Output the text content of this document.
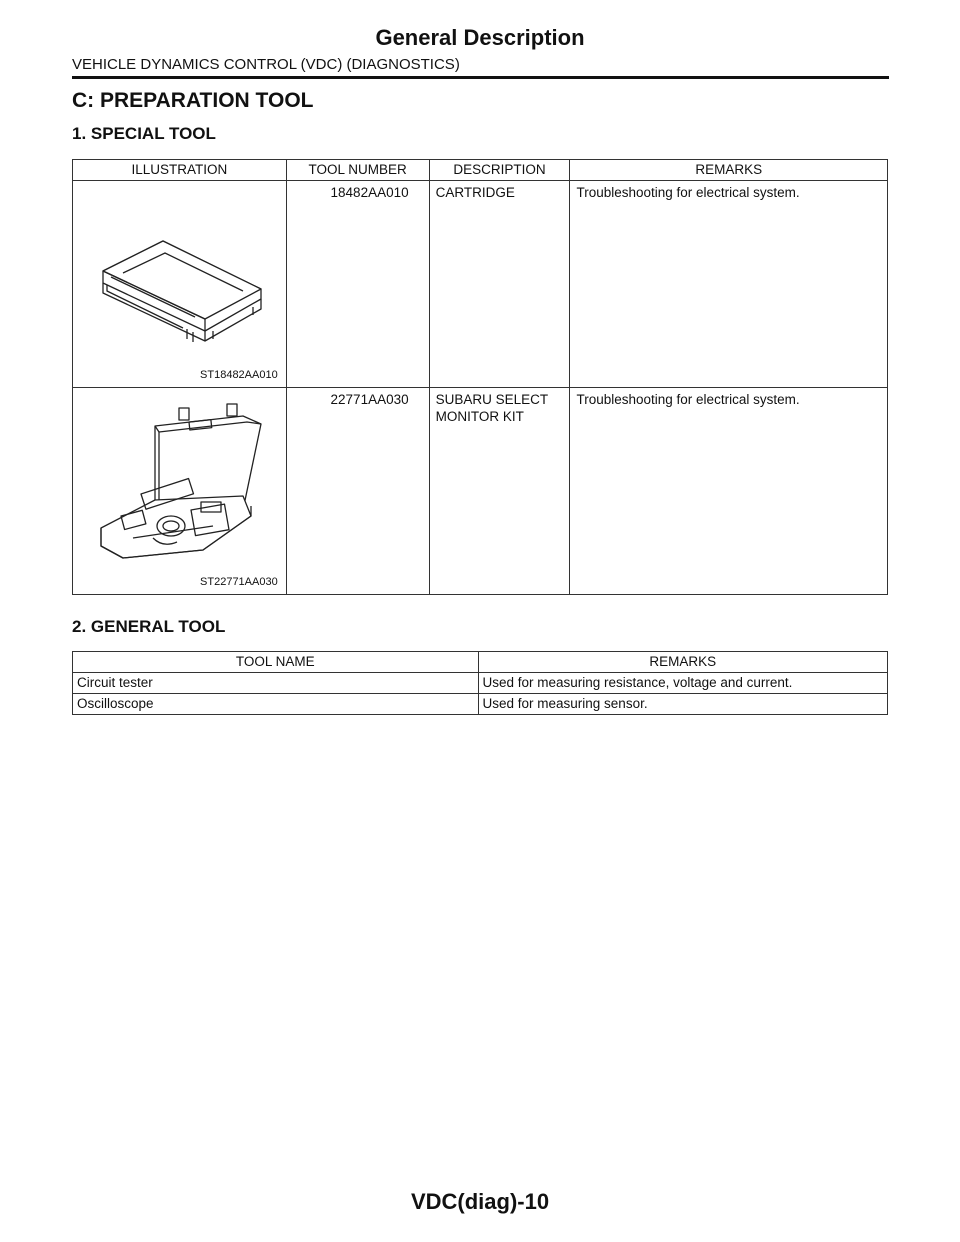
General Description
VEHICLE DYNAMICS CONTROL (VDC) (DIAGNOSTICS)
C: PREPARATION TOOL
1. SPECIAL TOOL
ILLUSTRATION	TOOL NUMBER	DESCRIPTION	REMARKS

ST18482AA010	18482AA010	CARTRIDGE	Troubleshooting for electrical system.

ST22771AA030	22771AA030	SUBARU SELECT MONITOR KIT	Troubleshooting for electrical system.
2. GENERAL TOOL
TOOL NAME	REMARKS
Circuit tester	Used for measuring resistance, voltage and current.
Oscilloscope	Used for measuring sensor.
VDC(diag)-10
